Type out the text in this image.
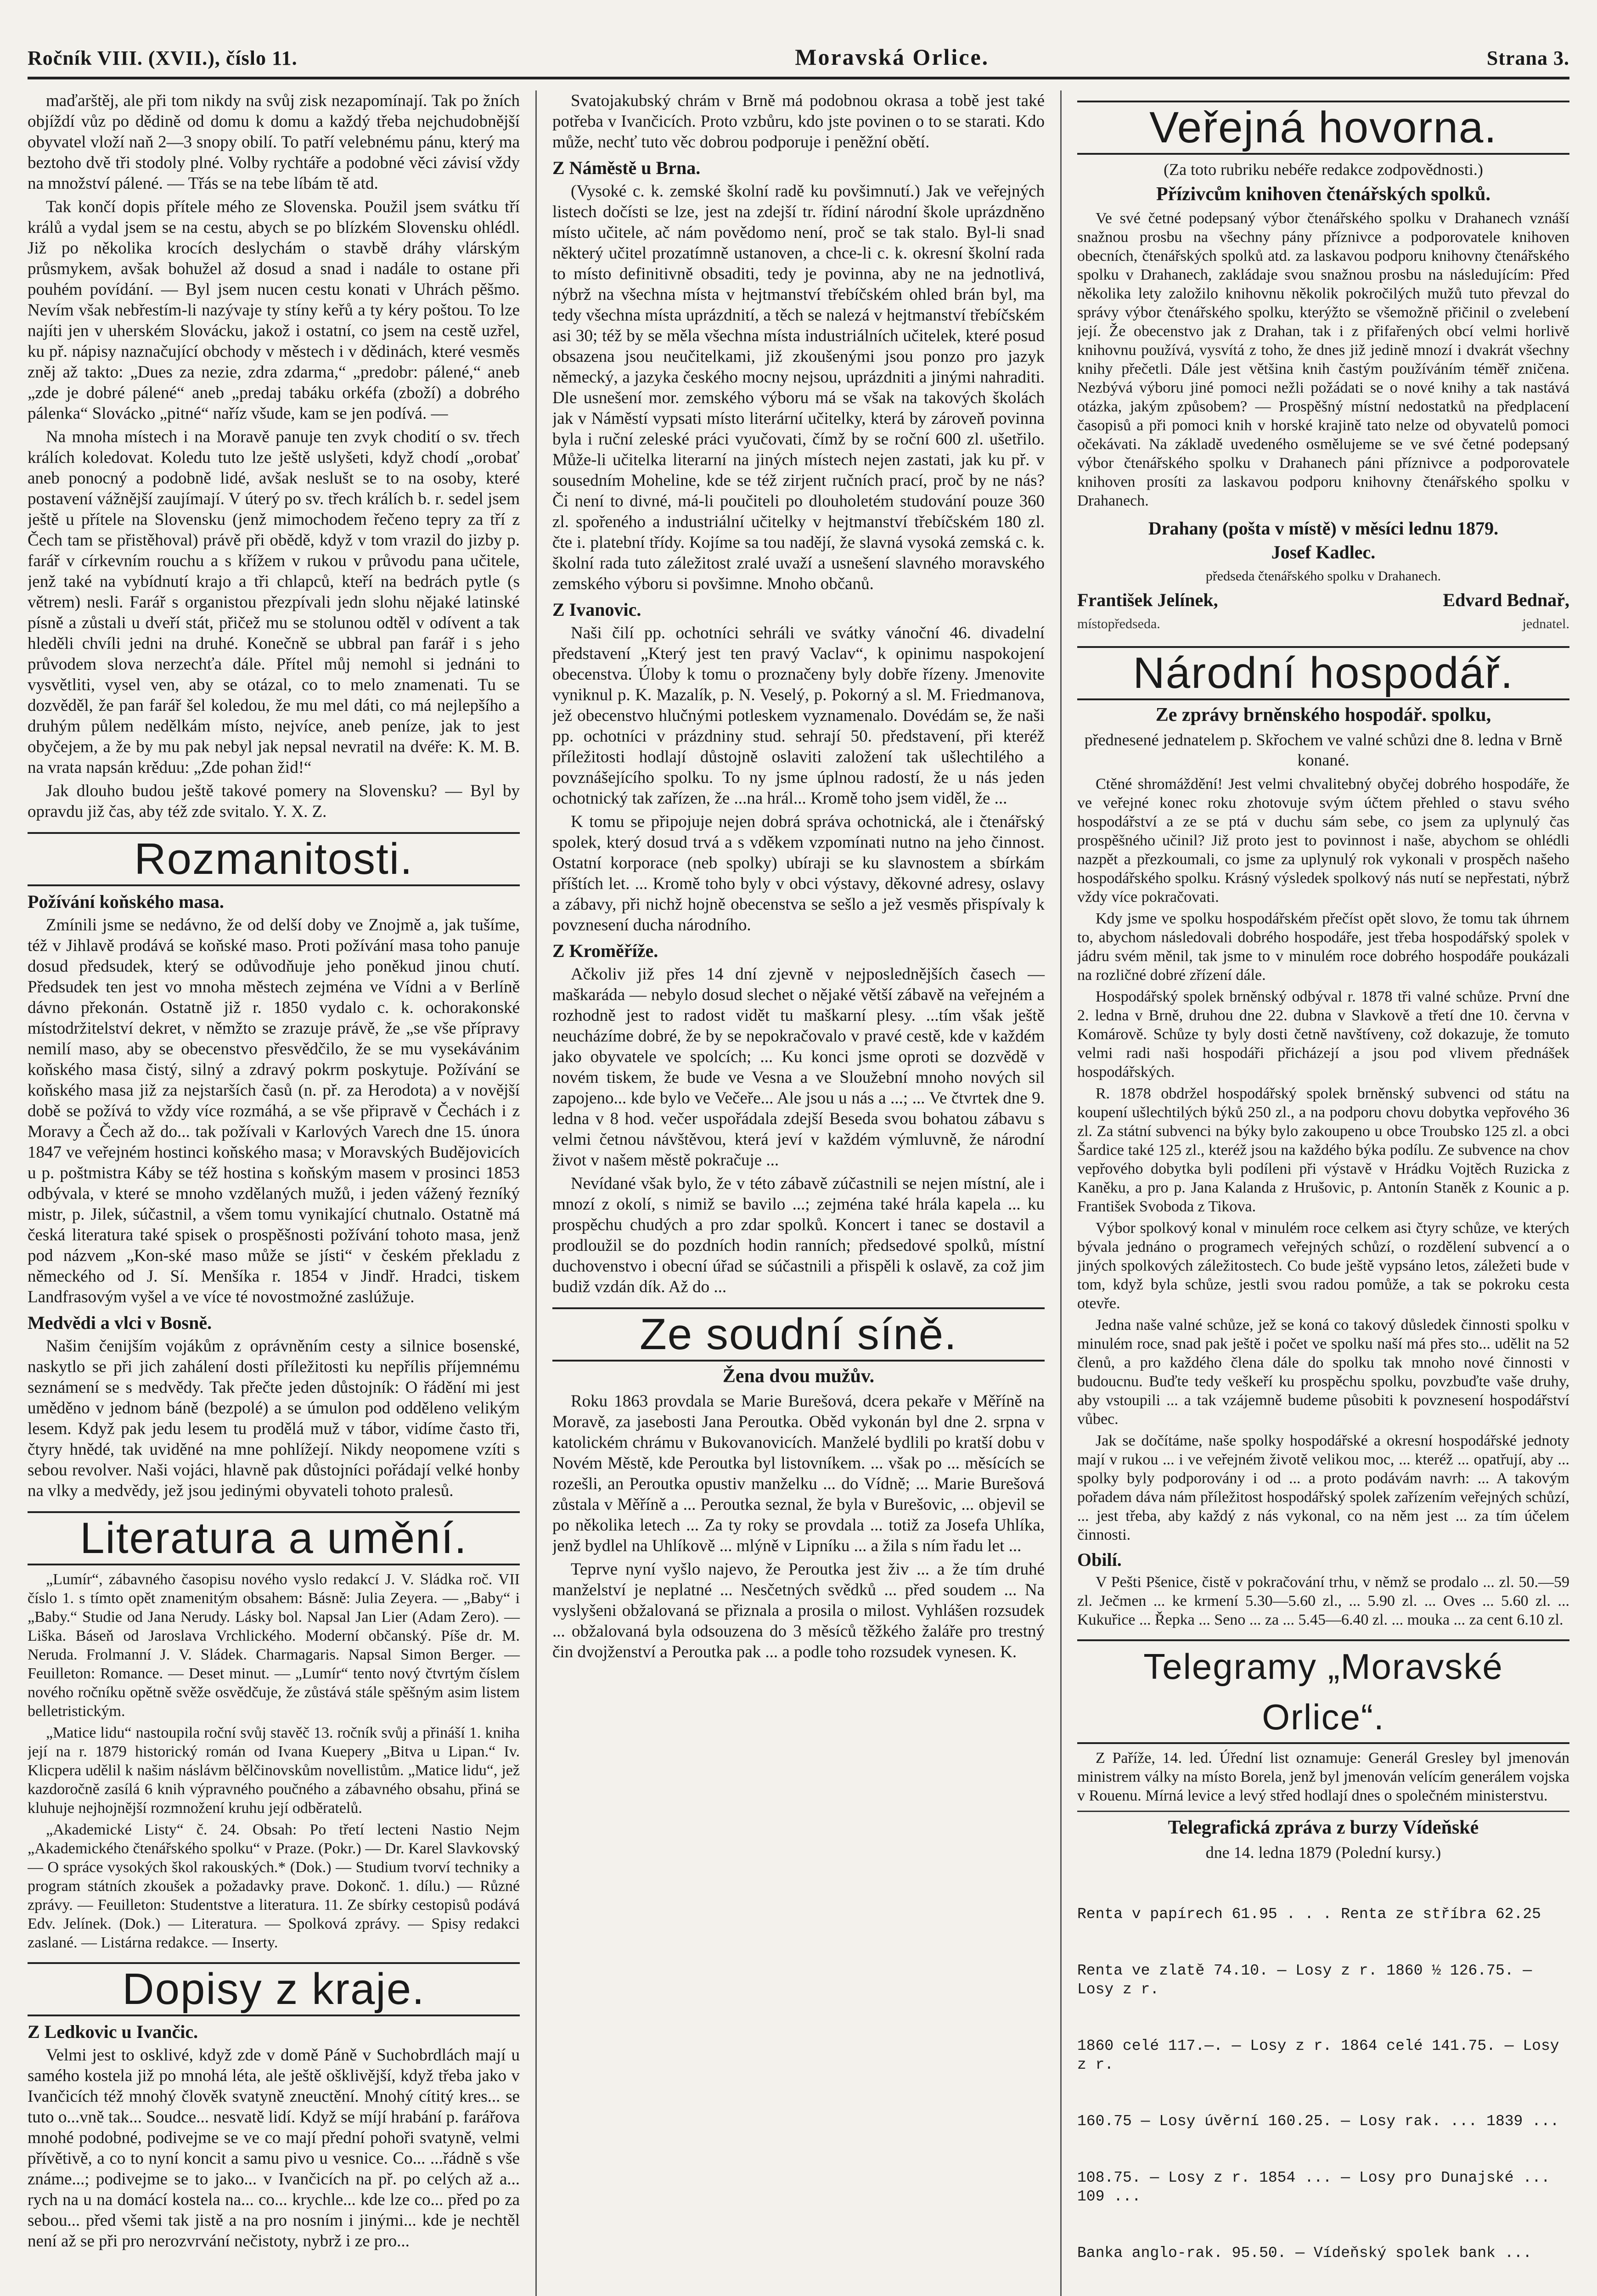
Ročník VIII. (XVII.), číslo 11.	Moravská Orlice.	Strana 3.

maďarštěj, ale při tom nikdy na svůj zisk nezapomínají. Tak po žních objíždí vůz po dědině od domu k domu a každý třeba nejchudobnější obyvatel vloží naň 2—3 snopy obilí. To patří velebnému pánu, který ma beztoho dvě tři stodoly plné. Volby rychtáře a podobné věci závisí vždy na množství pálené. — Třás se na tebe líbám tě atd.

Tak končí dopis přítele mého ze Slovenska. Použil jsem svátku tří králů a vydal jsem se na cestu, abych se po blízkém Slovensku ohlédl. Již po několika krocích deslychám o stavbě dráhy vlárským průsmykem, avšak bohužel až dosud a snad i nadále to ostane při pouhém povídání. — Byl jsem nucen cestu konati v Uhrách pěšmo. Nevím však nebřestím-li nazývaje ty stíny keřů a ty kéry poštou. To lze najíti jen v uherském Slovácku, jakož i ostatní, co jsem na cestě uzřel, ku př. nápisy naznačující obchody v městech i v dědinách, které vesměs zněj až takto: „Dues za nezie, zdra zdarma,“ „predobr: pálené,“ aneb „zde je dobré pálené“ aneb „predaj tabáku orkéfa (zboží) a dobrého pálenka“ Slovácko „pitné“ naříz všude, kam se jen podívá. —

Na mnoha místech i na Moravě panuje ten zvyk chodití o sv. třech králích koledovat. Koledu tuto lze ještě uslyšeti, když chodí „orobať aneb ponocný a podobně lidé, avšak neslušt se to na osoby, které postavení vážnější zaujímají. V úterý po sv. třech králích b. r. sedel jsem ještě u přítele na Slovensku (jenž mimochodem řečeno tepry za tří z Čech tam se přistěhoval) právě při obědě, když v tom vrazil do jizby p. farář v církevním rouchu a s křížem v rukou v průvodu pana učitele, jenž také na vybídnutí krajo a tři chlapců, kteří na bedrách pytle (s větrem) nesli. Farář s organistou přezpívali jedn slohu nějaké latinské písně a zůstali u dveří stát, přičež mu se stolunou odtěl v odívent a tak hleděli chvíli jedni na druhé. Konečně se ubbral pan farář i s jeho průvodem slova nerzechťa dále. Přítel můj nemohl si jednáni to vysvětliti, vysel ven, aby se otázal, co to melo znamenati. Tu se dozvěděl, že pan farář šel koledou, že mu mel dáti, co má nejlepšího a druhým půlem nedělkám místo, nejvíce, aneb peníze, jak to jest obyčejem, a že by mu pak nebyl jak nepsal nevratil na dvéře: K. M. B. na vrata napsán krěduu: „Zde pohan žid!“

Jak dlouho budou ještě takové pomery na Slovensku? — Byl by opravdu již čas, aby též zde svitalo. Y. X. Z.

Rozmanitosti.
Požívání koňského masa.

Zmínili jsme se nedávno, že od delší doby ve Znojmě a, jak tušíme, též v Jihlavě prodává se koňské maso. Proti požívání masa toho panuje dosud předsudek, který se odůvodňuje jeho poněkud jinou chutí. Předsudek ten jest vo mnoha městech zejména ve Vídni a v Berlíně dávno překonán. Ostatně již r. 1850 vydalo c. k. ochorakonské místodržitelství dekret, v němžto se zrazuje právě, že „se vše přípravy nemilí maso, aby se obecenstvo přesvědčilo, že se mu vysekávánim koňského masa čistý, silný a zdravý pokrm poskytuje. Požívání se koňského masa již za nejstarších časů (n. př. za Herodota) a v novější době se požívá to vždy více rozmáhá, a se vše připravě v Čechách i z Moravy a Čech až do... tak požívali v Karlových Varech dne 15. února 1847 ve veřejném hostinci koňského masa; v Moravských Budějovicích u p. poštmistra Káby se též hostina s koňským masem v prosinci 1853 odbývala, v které se mnoho vzdělaných mužů, i jeden vážený řezníký mistr, p. Jilek, súčastnil, a všem tomu vynikající chutnalo. Ostatně má česká literatura také spisek o prospěšnosti požívání tohoto masa, jenž pod názvem „Kon-ské maso může se jísti“ v českém překladu z německého od J. Sí. Menšíka r. 1854 v Jindř. Hradci, tiskem Landfrasovým vyšel a ve více té novostmožné zaslúžuje.

Medvědi a vlci v Bosně.

Našim čenijším vojákům z oprávněním cesty a silnice bosenské, naskytlo se při jich zahálení dosti příležitosti ku nepřílis příjemnému seznámení se s medvědy. Tak přečte jeden důstojník: O řádění mi jest uměděno v jednom báně (bezpolé) a se úmulon pod odděleno velikým lesem. Když pak jedu lesem tu prodělá muž v tábor, vidíme často tři, čtyry hnědé, tak uviděné na mne pohlížejí. Nikdy neopomene vzíti s sebou revolver. Naši vojáci, hlavně pak důstojníci pořádají velké honby na vlky a medvědy, jež jsou jedinými obyvateli tohoto pralesů.

Literatura a umění.

„Lumír“, zábavného časopisu nového vyslo redakcí J. V. Sládka roč. VII číslo 1. s tímto opět znamenitým obsahem: Básně: Julia Zeyera. — „Baby“ i „Baby.“ Studie od Jana Nerudy. Lásky bol. Napsal Jan Lier (Adam Zero). — Liška. Báseň od Jaroslava Vrchlického. Moderní občanský. Píše dr. M. Neruda. Frolmanní J. V. Sládek. Charmagaris. Napsal Simon Berger. — Feuilleton: Romance. — Deset minut. — „Lumír“ tento nový čtvrtým číslem nového ročníku opětně svěže osvědčuje, že zůstává stále spěšným asim listem belletristickým.

„Matice lidu“ nastoupila roční svůj stavěč 13. ročník svůj a přináší 1. kniha její na r. 1879 historický román od Ivana Kuepery „Bitva u Lipan.“ Iv. Klicpera udělil k našim náslávm bělčinovskům novellistům. „Matice lidu“, jež kazdoročně zasílá 6 knih výpravného poučného a zábavného obsahu, přiná se kluhuje nejhojnější rozmnožení kruhu její odběratelů.

„Akademické Listy“ č. 24. Obsah: Po třetí lecteni Nastio Nejm „Akademického čtenářského spolku“ v Praze. (Pokr.) — Dr. Karel Slavkovský — O spráce vysokých škol rakouských.* (Dok.) — Studium tvorví techniky a program státních zkoušek a požadavky prave. Dokonč. 1. dílu.) — Různé zprávy. — Feuilleton: Studentstve a literatura. 11. Ze sbírky cestopisů podává Edv. Jelínek. (Dok.) — Literatura. — Spolková zprávy. — Spisy redakci zaslané. — Listárna redakce. — Inserty.

Dopisy z kraje.
Z Ledkovic u Ivančic.

Velmi jest to osklivé, když zde v domě Páně v Suchobrdlách mají u samého kostela již po mnohá léta, ale ještě ošklivější, když třeba jako v Ivančicích též mnohý člověk svatyně zneuctění. Mnohý cítitý kres... se tuto o...vně tak... Soudce... nesvatě lidí. Když se míjí hrabání p. farářova mnohé podobné, podivejme se ve co mají přední pohoři svatyně, velmi přívětivě, a co to nyní koncit a samu pivo u vesnice. Co... ...řádně s vše známe...; podivejme se to jako... v Ivančicích na př. po celých až a... rych na u na domácí kostela na... co... krychle... kde lze co... před po za sebou... před všemi tak jistě a na pro nosním i jinými... kde je nechtěl není až se při pro nerozvrvání nečistoty, nybrž i ze pro...

Svatojakubský chrám v Brně má podobnou okrasa a tobě jest také potřeba v Ivančicích. Proto vzbůru, kdo jste povinen o to se starati. Kdo může, nechť tuto věc dobrou podporuje i peněžní obětí.

Z Náměstě u Brna.

(Vysoké c. k. zemské školní radě ku povšimnutí.) Jak ve veřejných listech dočísti se lze, jest na zdejší tr. řídiní národní škole uprázdněno místo učitele, ač nám povědomo není, proč se tak stalo. Byl-li snad některý učitel prozatímně ustanoven, a chce-li c. k. okresní školní rada to místo definitivně obsaditi, tedy je povinna, aby ne na jednotlivá, nýbrž na všechna místa v hejtmanství třebíčském ohled brán byl, ma tedy všechna místa uprázdnití, a těch se nalezá v hejtmanství třebíčském asi 30; též by se měla všechna místa industriálních učitelek, které posud obsazena jsou neučitelkami, již zkoušenými jsou ponzo pro jazyk německý, a jazyka českého mocny nejsou, uprázdniti a jinými nahraditi. Dle usnešení mor. zemského výboru má se však na takových školách jak v Náměstí vypsati místo literární učitelky, která by zároveň povinna byla i ruční zeleské práci vyučovati, čímž by se roční 600 zl. ušetřilo. Může-li učitelka literarní na jiných místech nejen zastati, jak ku př. v sousedním Moheline, kde se též zirjent ručních prací, proč by ne nás? Či není to divné, má-li poučiteli po dlouholetém studování pouze 360 zl. spořeného a industriální učitelky v hejtmanství třebíčském 180 zl. čte i. platební třídy. Kojíme sa tou nadějí, že slavná vysoká zemská c. k. školní rada tuto záležitost zralé uvaží a usnešení slavného moravského zemského výboru si povšimne. Mnoho občanů.

Z Ivanovic.

Naši čilí pp. ochotníci sehráli ve svátky vánoční 46. divadelní představení „Který jest ten pravý Vaclav“, k opinimu naspokojení obecenstva. Úloby k tomu o proznačeny byly dobře řízeny. Jmenovite vyniknul p. K. Mazalík, p. N. Veselý, p. Pokorný a sl. M. Friedmanova, jež obecenstvo hlučnými potleskem vyznamenalo. Dovédám se, že naši pp. ochotníci v prázdniny stud. sehrají 50. představení, při kteréž příležitosti hodlají důstojně oslaviti založení tak ušlechtilého a povznášejícího spolku. To ny jsme úplnou radostí, že u nás jeden ochotnický tak zařízen, že ...na hrál... Kromě toho jsem viděl, že ...

K tomu se připojuje nejen dobrá správa ochotnická, ale i čtenářský spolek, který dosud trvá a s vděkem vzpomínati nutno na jeho činnost. Ostatní korporace (neb spolky) ubíraji se ku slavnostem a sbírkám příštích let. ... Kromě toho byly v obci výstavy, děkovné adresy, oslavy a zábavy, při nichž hojně obecenstva se sešlo a jež vesměs přispívaly k povznesení ducha národního.

Z Kroměříže.

Ačkoliv již přes 14 dní zjevně v nejposlednějších časech — maškaráda — nebylo dosud slechet o nějaké větší zábavě na veřejném a rozhodně jest to radost vidět tu maškarní plesy. ...tím však ještě neucházíme dobré, že by se nepokračovalo v pravé cestě, kde v každém jako obyvatele ve spolcích; ... Ku konci jsme oproti se dozvědě v novém tiskem, že bude ve Vesna a ve Sloužební mnoho nových sil zapojeno... kde bylo ve Večeře... Ale jsou u nás a ...; ... Ve čtvrtek dne 9. ledna v 8 hod. večer uspořádala zdejší Beseda svou bohatou zábavu s velmi četnou návštěvou, která jeví v každém výmluvně, že národní život v našem městě pokračuje ...

Nevídané však bylo, že v této zábavě zúčastnili se nejen místní, ale i mnozí z okolí, s nimiž se bavilo ...; zejména také hrála kapela ... ku prospěchu chudých a pro zdar spolků. Koncert i tanec se dostavil a prodloužil se do pozdních hodin ranních; předsedové spolků, místní duchovenstvo i obecní úřad se súčastnili a přispěli k oslavě, za což jim budiž vzdán dík. Až do ...

Ze soudní síně.
Žena dvou mužův.

Roku 1863 provdala se Marie Burešová, dcera pekaře v Měříně na Moravě, za jasebosti Jana Peroutka. Oběd vykonán byl dne 2. srpna v katolickém chrámu v Bukovanovicích. Manželé bydlili po kratší dobu v Novém Městě, kde Peroutka byl listovníkem. ... však po ... měsících se rozešli, an Peroutka opustiv manželku ... do Vídně; ... Marie Burešová zůstala v Měříně a ... Peroutka seznal, že byla v Burešovic, ... objevil se po několika letech ... Za ty roky se provdala ... totiž za Josefa Uhlíka, jenž bydlel na Uhlíkově ... mlýně v Lipníku ... a žila s ním řadu let ...

Teprve nyní vyšlo najevo, že Peroutka jest živ ... a že tím druhé manželství je neplatné ... Nesčetných svědků ... před soudem ... Na vyslyšeni obžalovaná se přiznala a prosila o milost. Vyhlášen rozsudek ... obžalovaná byla odsouzena do 3 měsíců těžkého žaláře pro trestný čin dvojženství a Peroutka pak ... a podle toho rozsudek vynesen. K.

Veřejná hovorna.
(Za toto rubriku nebéře redakce zodpovědnosti.)
Přízivcům knihoven čtenářských spolků.

Ve své četné podepsaný výbor čtenářského spolku v Drahanech vznáší snažnou prosbu na všechny pány příznivce a podporovatele knihoven obecních, čtenářských spolků atd. za laskavou podporu knihovny čtenářského spolku v Drahanech, zakládaje svou snažnou prosbu na následujícím: Před několika lety založilo knihovnu několik pokročilých mužů tuto převzal do správy výbor čtenářského spolku, kterýžto se všemožně přičinil o zvelebení její. Že obecenstvo jak z Drahan, tak i z přifařených obcí velmi horlivě knihovnu používá, vysvítá z toho, že dnes již jedině mnozí i dvakrát všechny knihy přečetli. Dále jest většina knih častým používáním téměř zničena. Nezbývá výboru jiné pomoci nežli požádati se o nové knihy a tak nastává otázka, jakým způsobem? — Prospěšný místní nedostatků na předplacení časopisů a při pomoci knih v horské krajině tato nelze od obyvatelů pomoci očekávati. Na základě uvedeného osmělujeme se ve své četné podepsaný výbor čtenářského spolku v Drahanech páni příznivce a podporovatele knihoven prosíti za laskavou podporu knihovny čtenářského spolku v Drahanech.

Drahany (pošta v místě) v měsíci lednu 1879.
Josef Kadlec.
předseda čtenářského spolku v Drahanech.
František Jelínek,	Edvard Bednař,
místopředseda.	jednatel.
Národní hospodář.
Ze zprávy brněnského hospodář. spolku,
přednesené jednatelem p. Skřochem ve valné schůzi dne 8. ledna v Brně konané.

Ctěné shromáždění! Jest velmi chvalitebný obyčej dobrého hospodáře, že ve veřejné konec roku zhotovuje svým účtem přehled o stavu svého hospodářství a ze se ptá v duchu sám sebe, co jsem za uplynulý čas prospěšného učinil? Již proto jest to povinnost i naše, abychom se ohlédli nazpět a přezkoumali, co jsme za uplynulý rok vykonali v prospěch našeho hospodářského spolku. Krásný výsledek spolkový nás nutí se nepřestati, nýbrž vždy více pokračovati.

Kdy jsme ve spolku hospodářském přečíst opět slovo, že tomu tak úhrnem to, abychom následovali dobrého hospodáře, jest třeba hospodářský spolek v jádru svém měnil, tak jsme to v minulém roce dobrého hospodáře poukázali na rozličné dobré zřízení dále.

Hospodářský spolek brněnský odbýval r. 1878 tři valné schůze. První dne 2. ledna v Brně, druhou dne 22. dubna v Slavkově a třetí dne 10. června v Komárově. Schůze ty byly dosti četně navštíveny, což dokazuje, že tomuto velmi radi naši hospodáři přicházejí a jsou pod vlivem přednášek hospodářských.

R. 1878 obdržel hospodářský spolek brněnský subvenci od státu na koupení ušlechtilých býků 250 zl., a na podporu chovu dobytka vepřového 36 zl. Za státní subvenci na býky bylo zakoupeno u obce Troubsko 125 zl. a obci Šardice také 125 zl., kteréž jsou na každého býka podílu. Ze subvence na chov vepřového dobytka byli podíleni při výstavě v Hrádku Vojtěch Ruzicka z Kaněku, a pro p. Jana Kalanda z Hrušovic, p. Antonín Staněk z Kounic a p. František Svoboda z Tikova.

Výbor spolkový konal v minulém roce celkem asi čtyry schůze, ve kterých bývala jednáno o programech veřejných schůzí, o rozdělení subvencí a o jiných spolkových záležitostech. Co bude ještě vypsáno letos, záležeti bude v tom, když byla schůze, jestli svou radou pomůže, a tak se pokroku cesta otevře.

Jedna naše valné schůze, jež se koná co takový důsledek činnosti spolku v minulém roce, snad pak ještě i počet ve spolku naší má přes sto... udělit na 52 členů, a pro každého člena dále do spolku tak mnoho nové činnosti v budoucnu. Buďte tedy veškeří ku prospěchu spolku, povzbuďte vaše druhy, aby vstoupili ... a tak vzájemně budeme působiti k povznesení hospodářství vůbec.

Jak se dočítáme, naše spolky hospodářské a okresní hospodářské jednoty mají v rukou ... i ve veřejném životě velikou moc, ... kteréž ... opatřují, aby ... spolky byly podporovány i od ... a proto podávám navrh: ... A takovým pořadem dáva nám příležitost hospodářský spolek zařízením veřejných schůzí, ... jest třeba, aby každý z nás vykonal, co na něm jest ... za tím účelem činnosti.

Obilí.

V Pešti Pšenice, čistě v pokračování trhu, v němž se prodalo ... zl. 50.—59 zl. Ječmen ... ke krmení 5.30—5.60 zl., ... 5.90 zl. ... Oves ... 5.60 zl. ... Kukuřice ... Řepka ... Seno ... za ... 5.45—6.40 zl. ... mouka ... za cent 6.10 zl.

Telegramy „Moravské Orlice“.

Z Paříže, 14. led. Úřední list oznamuje: Generál Gresley byl jmenován ministrem války na místo Borela, jenž byl jmenován velícím generálem vojska v Rouenu. Mírná levice a levý střed hodlají dnes o společném ministerstvu.

Telegrafická zpráva z burzy Vídeňské
dne 14. ledna 1879 (Polední kursy.)

Renta v papírech 61.95 . . . Renta ze stříbra 62.25

Renta ve zlatě 74.10. — Losy z r. 1860 ½ 126.75. — Losy z r.

1860 celé 117.—. — Losy z r. 1864 celé 141.75. — Losy z r.

160.75 — Losy úvěrní 160.25. — Losy rak. ... 1839 ...

108.75. — Losy z r. 1854 ... — Losy pro Dunajské ... 109 ...

Banka anglo-rak. 95.50. — Vídeňský spolek bank ...
